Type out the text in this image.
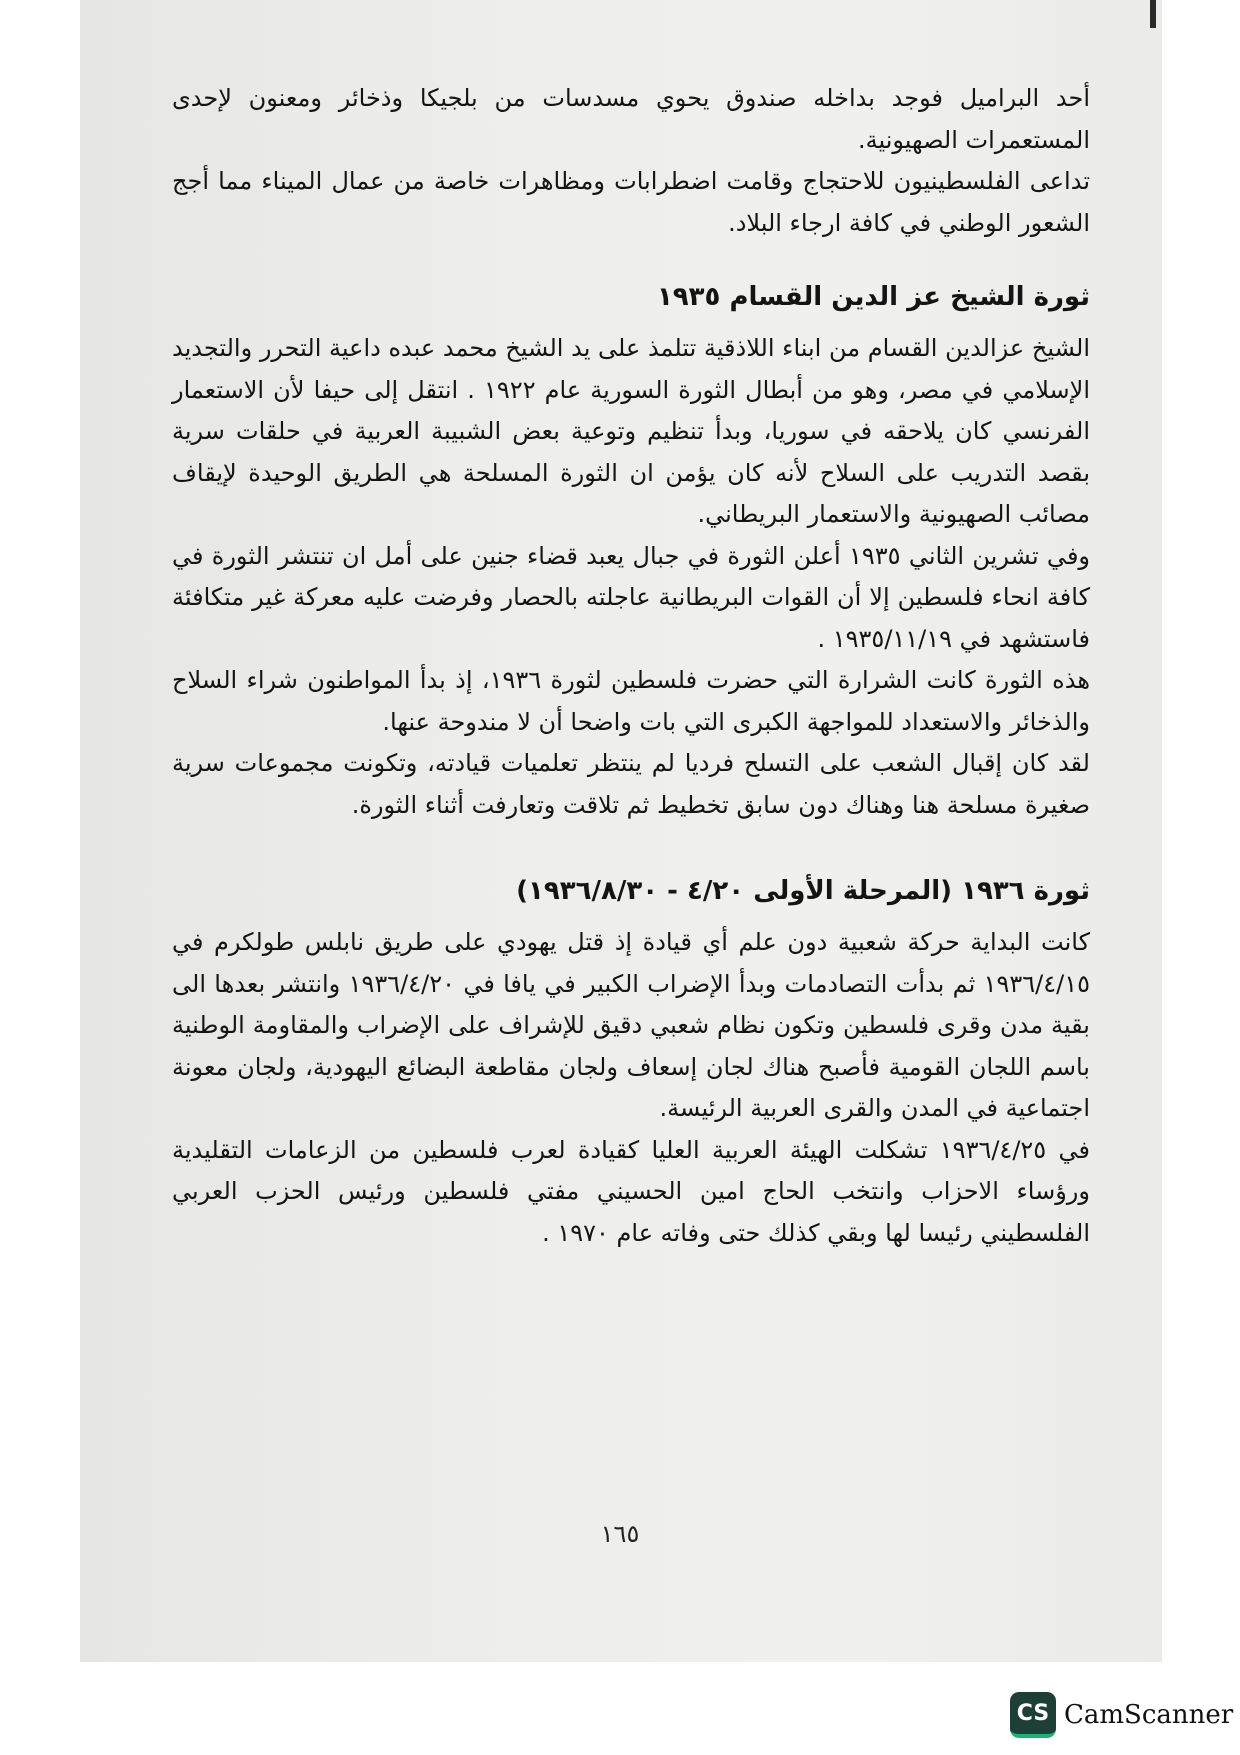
أحد البراميل فوجد بداخله صندوق يحوي مسدسات من بلجيكا وذخائر ومعنون لإحدى المستعمرات الصهيونية.

تداعى الفلسطينيون للاحتجاج وقامت اضطرابات ومظاهرات خاصة من عمال الميناء مما أجج الشعور الوطني في كافة ارجاء البلاد.

ثورة الشيخ عز الدين القسام ١٩٣٥

الشيخ عزالدين القسام من ابناء اللاذقية تتلمذ على يد الشيخ محمد عبده داعية التحرر والتجديد الإسلامي في مصر، وهو من أبطال الثورة السورية عام ١٩٢٢ . انتقل إلى حيفا لأن الاستعمار الفرنسي كان يلاحقه في سوريا، وبدأ تنظيم وتوعية بعض الشبيبة العربية في حلقات سرية بقصد التدريب على السلاح لأنه كان يؤمن ان الثورة المسلحة هي الطريق الوحيدة لإيقاف مصائب الصهيونية والاستعمار البريطاني.

وفي تشرين الثاني ١٩٣٥ أعلن الثورة في جبال يعبد قضاء جنين على أمل ان تنتشر الثورة في كافة انحاء فلسطين إلا أن القوات البريطانية عاجلته بالحصار وفرضت عليه معركة غير متكافئة فاستشهد في ١٩٣٥/١١/١٩ .

هذه الثورة كانت الشرارة التي حضرت فلسطين لثورة ١٩٣٦، إذ بدأ المواطنون شراء السلاح والذخائر والاستعداد للمواجهة الكبرى التي بات واضحا أن لا مندوحة عنها.

لقد كان إقبال الشعب على التسلح فرديا لم ينتظر تعلميات قيادته، وتكونت مجموعات سرية صغيرة مسلحة هنا وهناك دون سابق تخطيط ثم تلاقت وتعارفت أثناء الثورة.

ثورة ١٩٣٦ (المرحلة الأولى ٤/٢٠ - ١٩٣٦/٨/٣٠)

كانت البداية حركة شعبية دون علم أي قيادة إذ قتل يهودي على طريق نابلس طولكرم في ١٩٣٦/٤/١٥ ثم بدأت التصادمات وبدأ الإضراب الكبير في يافا في ١٩٣٦/٤/٢٠ وانتشر بعدها الى بقية مدن وقرى فلسطين وتكون نظام شعبي دقيق للإشراف على الإضراب والمقاومة الوطنية باسم اللجان القومية فأصبح هناك لجان إسعاف ولجان مقاطعة البضائع اليهودية، ولجان معونة اجتماعية في المدن والقرى العربية الرئيسة.

في ١٩٣٦/٤/٢٥ تشكلت الهيئة العربية العليا كقيادة لعرب فلسطين من الزعامات التقليدية ورؤساء الاحزاب وانتخب الحاج امين الحسيني مفتي فلسطين ورئيس الحزب العربي الفلسطيني رئيسا لها وبقي كذلك حتى وفاته عام ١٩٧٠ .

١٦٥
CS CamScanner
